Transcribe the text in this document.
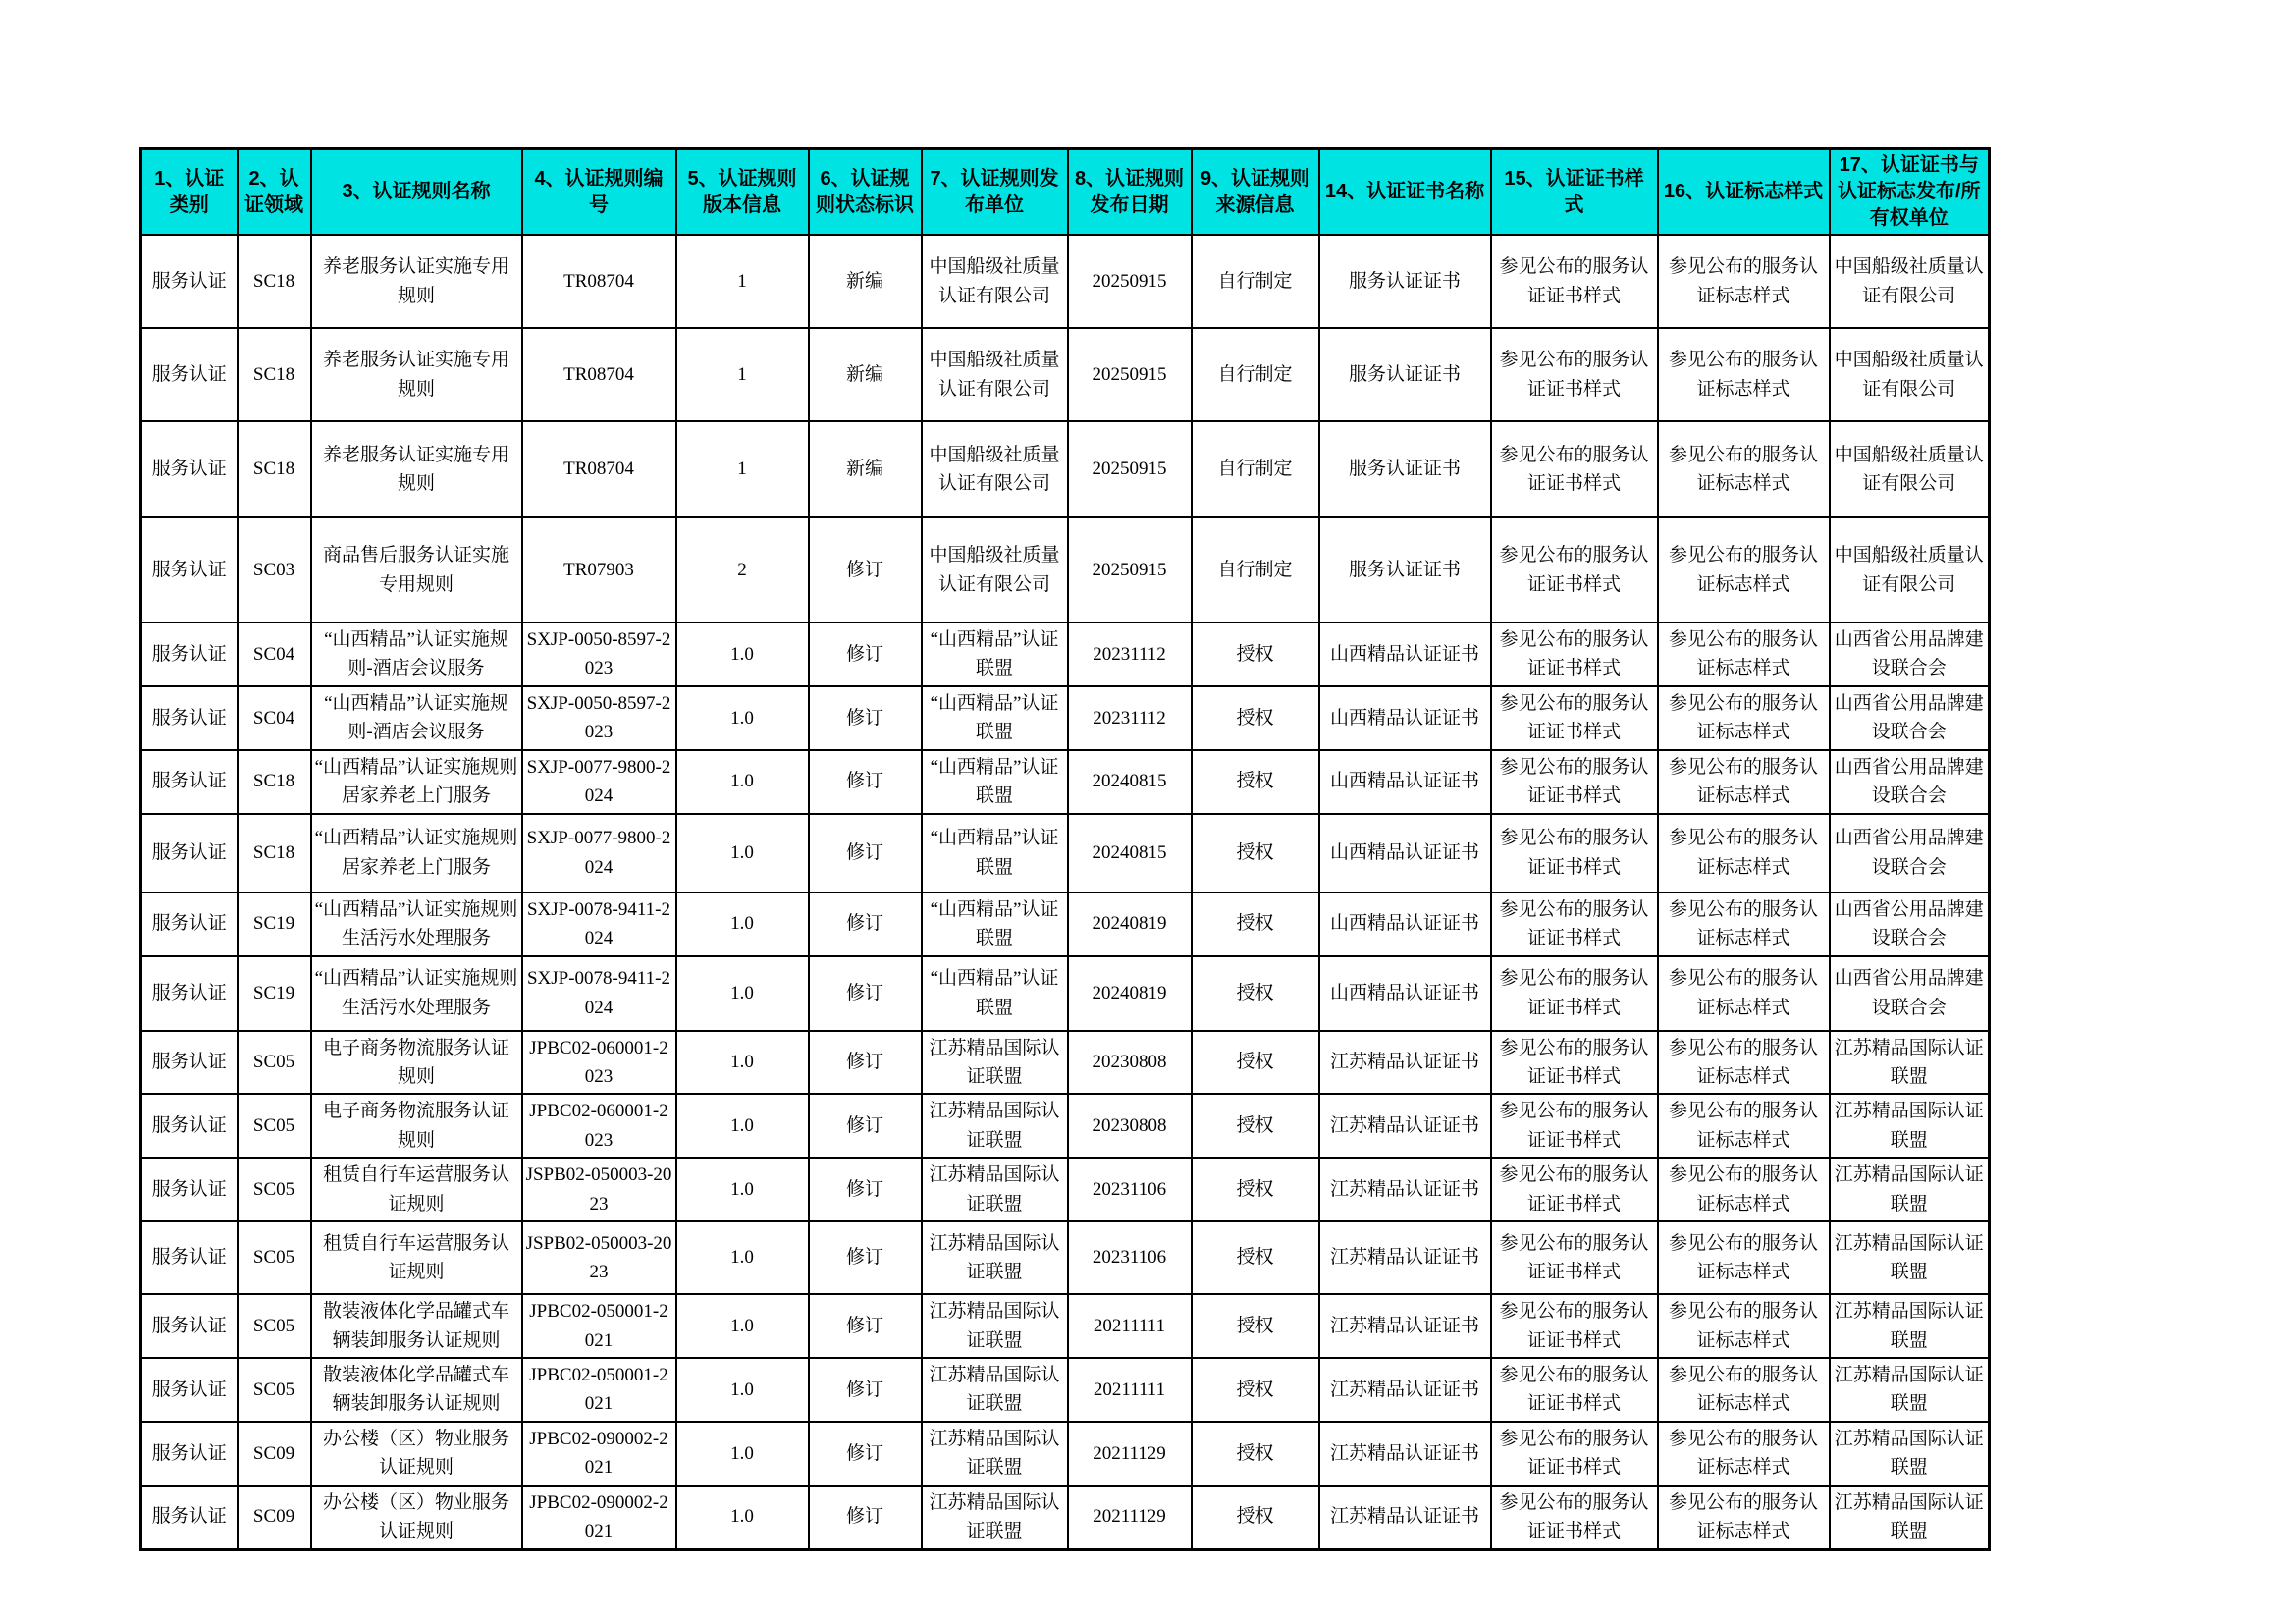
1、认证类别	2、认证领域	3、认证规则名称	4、认证规则编号	5、认证规则版本信息	6、认证规则状态标识	7、认证规则发布单位	8、认证规则发布日期	9、认证规则来源信息	14、认证证书名称	15、认证证书样式	16、认证标志样式	17、认证证书与认证标志发布/所有权单位
服务认证	SC18	养老服务认证实施专用规则	TR08704	1	新编	中国船级社质量认证有限公司	20250915	自行制定	服务认证证书	参见公布的服务认证证书样式	参见公布的服务认证标志样式	中国船级社质量认证有限公司
服务认证	SC18	养老服务认证实施专用规则	TR08704	1	新编	中国船级社质量认证有限公司	20250915	自行制定	服务认证证书	参见公布的服务认证证书样式	参见公布的服务认证标志样式	中国船级社质量认证有限公司
服务认证	SC18	养老服务认证实施专用规则	TR08704	1	新编	中国船级社质量认证有限公司	20250915	自行制定	服务认证证书	参见公布的服务认证证书样式	参见公布的服务认证标志样式	中国船级社质量认证有限公司
服务认证	SC03	商品售后服务认证实施专用规则	TR07903	2	修订	中国船级社质量认证有限公司	20250915	自行制定	服务认证证书	参见公布的服务认证证书样式	参见公布的服务认证标志样式	中国船级社质量认证有限公司
服务认证	SC04	“山西精品”认证实施规则-酒店会议服务	SXJP-0050-8597-2023	1.0	修订	“山西精品”认证联盟	20231112	授权	山西精品认证证书	参见公布的服务认证证书样式	参见公布的服务认证标志样式	山西省公用品牌建设联合会
服务认证	SC04	“山西精品”认证实施规则-酒店会议服务	SXJP-0050-8597-2023	1.0	修订	“山西精品”认证联盟	20231112	授权	山西精品认证证书	参见公布的服务认证证书样式	参见公布的服务认证标志样式	山西省公用品牌建设联合会
服务认证	SC18	“山西精品”认证实施规则 居家养老上门服务	SXJP-0077-9800-2024	1.0	修订	“山西精品”认证联盟	20240815	授权	山西精品认证证书	参见公布的服务认证证书样式	参见公布的服务认证标志样式	山西省公用品牌建设联合会
服务认证	SC18	“山西精品”认证实施规则 居家养老上门服务	SXJP-0077-9800-2024	1.0	修订	“山西精品”认证联盟	20240815	授权	山西精品认证证书	参见公布的服务认证证书样式	参见公布的服务认证标志样式	山西省公用品牌建设联合会
服务认证	SC19	“山西精品”认证实施规则 生活污水处理服务	SXJP-0078-9411-2024	1.0	修订	“山西精品”认证联盟	20240819	授权	山西精品认证证书	参见公布的服务认证证书样式	参见公布的服务认证标志样式	山西省公用品牌建设联合会
服务认证	SC19	“山西精品”认证实施规则 生活污水处理服务	SXJP-0078-9411-2024	1.0	修订	“山西精品”认证联盟	20240819	授权	山西精品认证证书	参见公布的服务认证证书样式	参见公布的服务认证标志样式	山西省公用品牌建设联合会
服务认证	SC05	电子商务物流服务认证规则	JPBC02-060001-2023	1.0	修订	江苏精品国际认证联盟	20230808	授权	江苏精品认证证书	参见公布的服务认证证书样式	参见公布的服务认证标志样式	江苏精品国际认证联盟
服务认证	SC05	电子商务物流服务认证规则	JPBC02-060001-2023	1.0	修订	江苏精品国际认证联盟	20230808	授权	江苏精品认证证书	参见公布的服务认证证书样式	参见公布的服务认证标志样式	江苏精品国际认证联盟
服务认证	SC05	租赁自行车运营服务认证规则	JSPB02-050003-2023	1.0	修订	江苏精品国际认证联盟	20231106	授权	江苏精品认证证书	参见公布的服务认证证书样式	参见公布的服务认证标志样式	江苏精品国际认证联盟
服务认证	SC05	租赁自行车运营服务认证规则	JSPB02-050003-2023	1.0	修订	江苏精品国际认证联盟	20231106	授权	江苏精品认证证书	参见公布的服务认证证书样式	参见公布的服务认证标志样式	江苏精品国际认证联盟
服务认证	SC05	散装液体化学品罐式车辆装卸服务认证规则	JPBC02-050001-2021	1.0	修订	江苏精品国际认证联盟	20211111	授权	江苏精品认证证书	参见公布的服务认证证书样式	参见公布的服务认证标志样式	江苏精品国际认证联盟
服务认证	SC05	散装液体化学品罐式车辆装卸服务认证规则	JPBC02-050001-2021	1.0	修订	江苏精品国际认证联盟	20211111	授权	江苏精品认证证书	参见公布的服务认证证书样式	参见公布的服务认证标志样式	江苏精品国际认证联盟
服务认证	SC09	办公楼（区）物业服务认证规则	JPBC02-090002-2021	1.0	修订	江苏精品国际认证联盟	20211129	授权	江苏精品认证证书	参见公布的服务认证证书样式	参见公布的服务认证标志样式	江苏精品国际认证联盟
服务认证	SC09	办公楼（区）物业服务认证规则	JPBC02-090002-2021	1.0	修订	江苏精品国际认证联盟	20211129	授权	江苏精品认证证书	参见公布的服务认证证书样式	参见公布的服务认证标志样式	江苏精品国际认证联盟
